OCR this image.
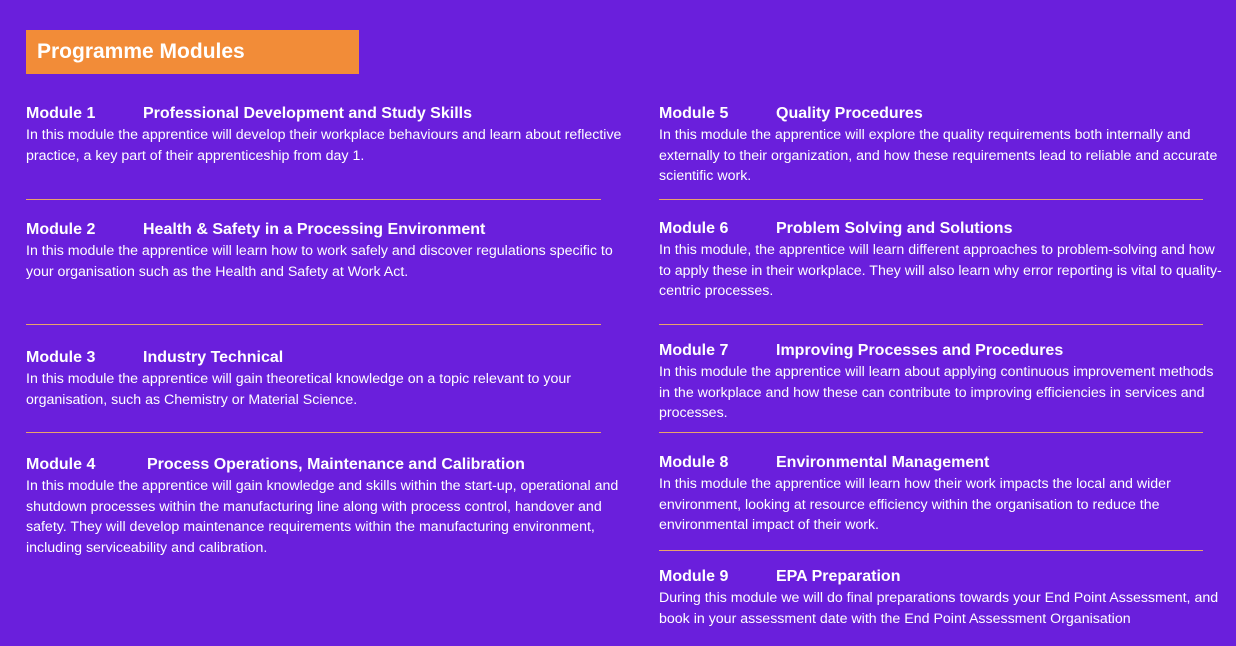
Programme Modules
Module 1	Professional Development and Study Skills
In this module the apprentice will develop their workplace behaviours and learn about reflective practice, a key part of their apprenticeship from day 1.
Module 2	Health & Safety in a Processing Environment
In this module the apprentice will learn how to work safely and discover regulations specific to your organisation such as the Health and Safety at Work Act.
Module 3	Industry Technical
In this module the apprentice will gain theoretical knowledge on a topic relevant to your organisation, such as Chemistry or Material Science.
Module 4	Process Operations, Maintenance and Calibration
In this module the apprentice will gain knowledge and skills within the start-up, operational and shutdown processes within the manufacturing line along with process control, handover and safety. They will develop maintenance requirements within the manufacturing environment, including serviceability and calibration.
Module 5	Quality Procedures
In this module the apprentice will explore the quality requirements both internally and externally to their organization, and how these requirements lead to reliable and accurate scientific work.
Module 6	Problem Solving and Solutions
In this module, the apprentice will learn different approaches to problem-solving and how to apply these in their workplace. They will also learn why error reporting is vital to quality-centric processes.
Module 7	Improving Processes and Procedures
In this module the apprentice will learn about applying continuous improvement methods in the workplace and how these can contribute to improving efficiencies in services and processes.
Module 8	Environmental Management
In this module the apprentice will learn how their work impacts the local and wider environment, looking at resource efficiency within the organisation to reduce the environmental impact of their work.
Module 9	EPA Preparation
During this module we will do final preparations towards your End Point Assessment, and book in your assessment date with the End Point Assessment Organisation
